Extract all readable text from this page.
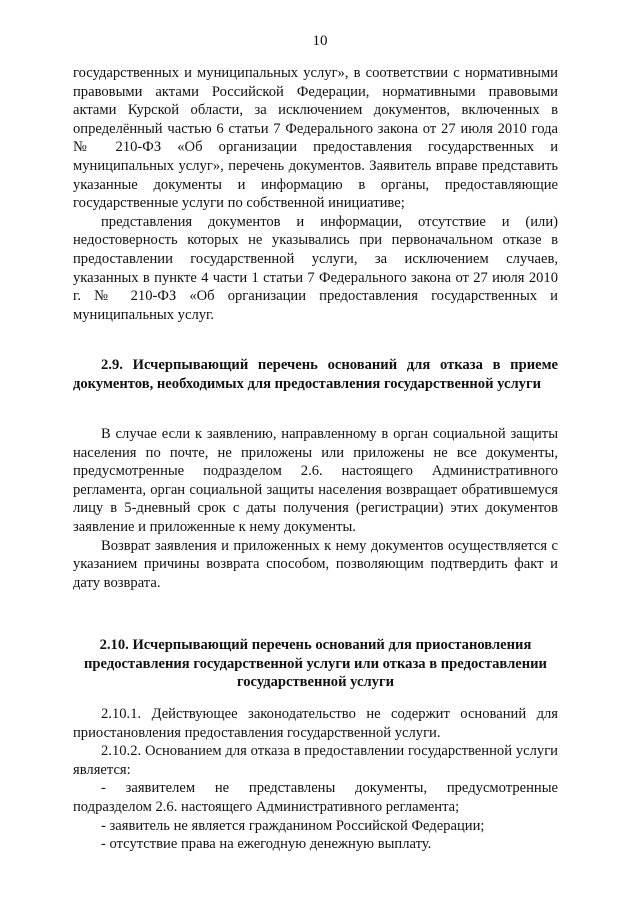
10

государственных и муниципальных услуг», в соответствии с нормативными правовыми актами Российской Федерации, нормативными правовыми актами Курской области, за исключением документов, включенных в определённый частью 6 статьи 7 Федерального закона от 27 июля 2010 года № 210-ФЗ «Об организации предоставления государственных и муниципальных услуг», перечень документов. Заявитель вправе представить указанные документы и информацию в органы, предоставляющие государственные услуги по собственной инициативе;

представления документов и информации, отсутствие и (или) недостоверность которых не указывались при первоначальном отказе в предоставлении государственной услуги, за исключением случаев, указанных в пункте 4 части 1 статьи 7 Федерального закона от 27 июля 2010 г. № 210-ФЗ «Об организации предоставления государственных и муниципальных услуг.

2.9. Исчерпывающий перечень оснований для отказа в приеме документов, необходимых для предоставления государственной услуги

В случае если к заявлению, направленному в орган социальной защиты населения по почте, не приложены или приложены не все документы, предусмотренные подразделом 2.6. настоящего Административного регламента, орган социальной защиты населения возвращает обратившемуся лицу в 5-дневный срок с даты получения (регистрации) этих документов заявление и приложенные к нему документы.

Возврат заявления и приложенных к нему документов осуществляется с указанием причины возврата способом, позволяющим подтвердить факт и дату возврата.

2.10. Исчерпывающий перечень оснований для приостановления
предоставления государственной услуги или отказа в предоставлении
государственной услуги

2.10.1. Действующее законодательство не содержит оснований для приостановления предоставления государственной услуги.

2.10.2. Основанием для отказа в предоставлении государственной услуги является:

- заявителем не представлены документы, предусмотренные подразделом 2.6. настоящего Административного регламента;

- заявитель не является гражданином Российской Федерации;

- отсутствие права на ежегодную денежную выплату.
